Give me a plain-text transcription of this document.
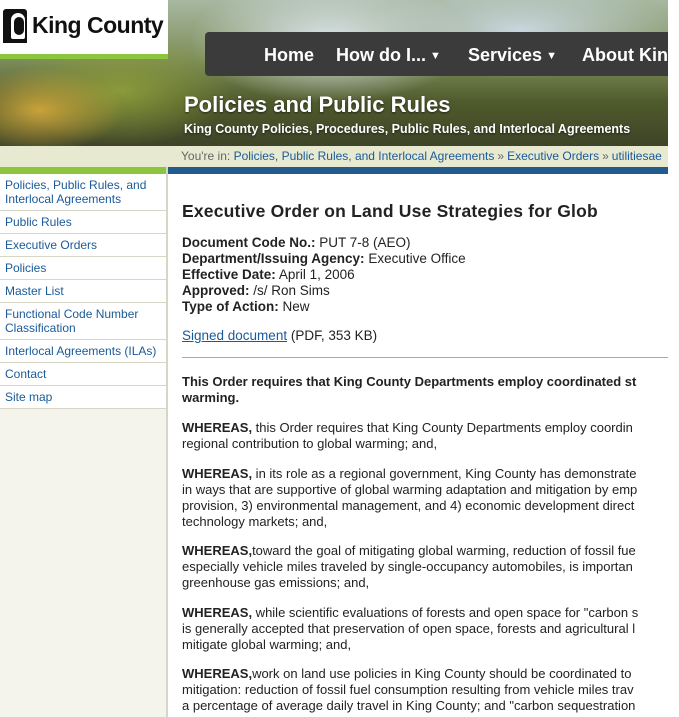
King County
Home How do I... ▼ Services ▼ About King
Policies and Public Rules
King County Policies, Procedures, Public Rules, and Interlocal Agreements
You're in: Policies, Public Rules, and Interlocal Agreements » Executive Orders » utilitiesae
Policies, Public Rules, and Interlocal Agreements
Public Rules
Executive Orders
Policies
Master List
Functional Code Number Classification
Interlocal Agreements (ILAs)
Contact
Site map
Executive Order on Land Use Strategies for Glob
Document Code No.: PUT 7-8 (AEO)
Department/Issuing Agency: Executive Office
Effective Date: April 1, 2006
Approved: /s/ Ron Sims
Type of Action: New
Signed document (PDF, 353 KB)
This Order requires that King County Departments employ coordinated st
warming.
WHEREAS, this Order requires that King County Departments employ coordin
regional contribution to global warming; and,
WHEREAS, in its role as a regional government, King County has demonstrate
in ways that are supportive of global warming adaptation and mitigation by emp
provision, 3) environmental management, and 4) economic development direct
technology markets; and,
WHEREAS,toward the goal of mitigating global warming, reduction of fossil fue
especially vehicle miles traveled by single-occupancy automobiles, is importan
greenhouse gas emissions; and,
WHEREAS, while scientific evaluations of forests and open space for "carbon s
is generally accepted that preservation of open space, forests and agricultural l
mitigate global warming; and,
WHEREAS,work on land use policies in King County should be coordinated to
mitigation: reduction of fossil fuel consumption resulting from vehicle miles trav
a percentage of average daily travel in King County; and "carbon sequestration
